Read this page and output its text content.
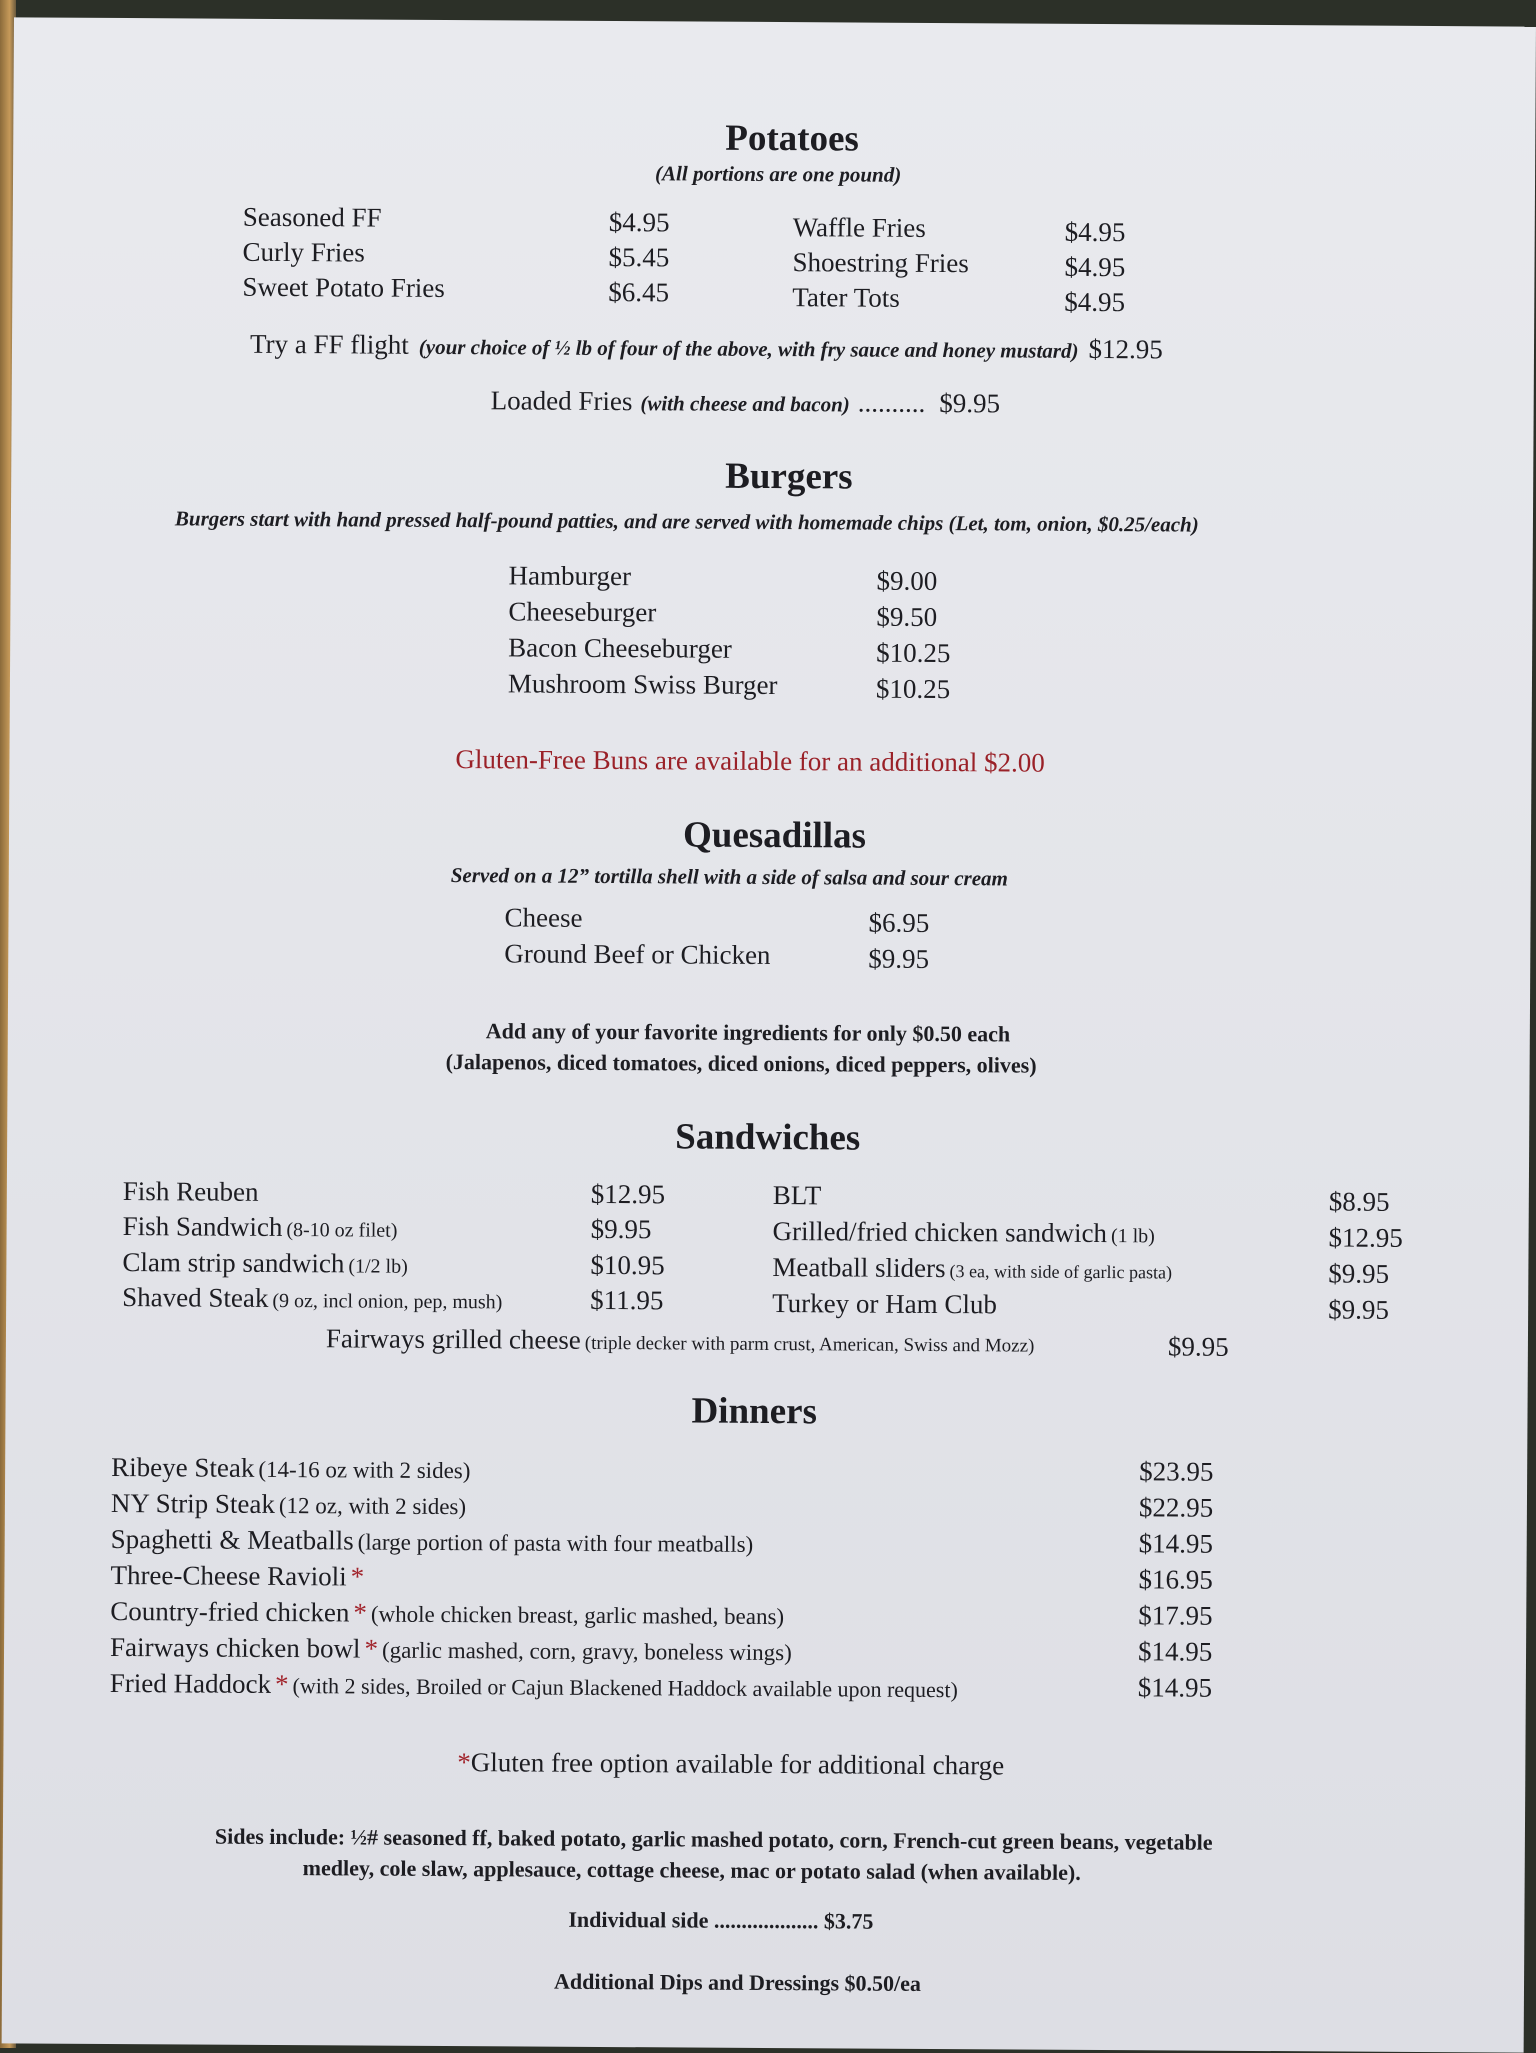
Potatoes
(All portions are one pound)
Seasoned FF	$4.95
Curly Fries	$5.45
Sweet Potato Fries	$6.45
Waffle Fries	$4.95
Shoestring Fries	$4.95
Tater Tots	$4.95
Try a FF flight (your choice of ½ lb of four of the above, with fry sauce and honey mustard) $12.95
Loaded Fries (with cheese and bacon) .......... $9.95
Burgers
Burgers start with hand pressed half-pound patties, and are served with homemade chips (Let, tom, onion, $0.25/each)
Hamburger	$9.00
Cheeseburger	$9.50
Bacon Cheeseburger	$10.25
Mushroom Swiss Burger	$10.25
Gluten-Free Buns are available for an additional $2.00
Quesadillas
Served on a 12” tortilla shell with a side of salsa and sour cream
Cheese	$6.95
Ground Beef or Chicken	$9.95
Add any of your favorite ingredients for only $0.50 each
(Jalapenos, diced tomatoes, diced onions, diced peppers, olives)
Sandwiches
Fish Reuben	$12.95
Fish Sandwich (8-10 oz filet)	$9.95
Clam strip sandwich (1/2 lb)	$10.95
Shaved Steak (9 oz, incl onion, pep, mush)	$11.95
BLT	$8.95
Grilled/fried chicken sandwich (1 lb)	$12.95
Meatball sliders (3 ea, with side of garlic pasta)	$9.95
Turkey or Ham Club	$9.95
Fairways grilled cheese (triple decker with parm crust, American, Swiss and Mozz)	$9.95
Dinners
Ribeye Steak (14-16 oz with 2 sides)	$23.95
NY Strip Steak (12 oz, with 2 sides)	$22.95
Spaghetti & Meatballs (large portion of pasta with four meatballs)	$14.95
Three-Cheese Ravioli *	$16.95
Country-fried chicken * (whole chicken breast, garlic mashed, beans)	$17.95
Fairways chicken bowl * (garlic mashed, corn, gravy, boneless wings)	$14.95
Fried Haddock * (with 2 sides, Broiled or Cajun Blackened Haddock available upon request)	$14.95
*Gluten free option available for additional charge
Sides include: ½# seasoned ff, baked potato, garlic mashed potato, corn, French-cut green beans, vegetable
medley, cole slaw, applesauce, cottage cheese, mac or potato salad (when available).
Individual side ................... $3.75
Additional Dips and Dressings $0.50/ea
